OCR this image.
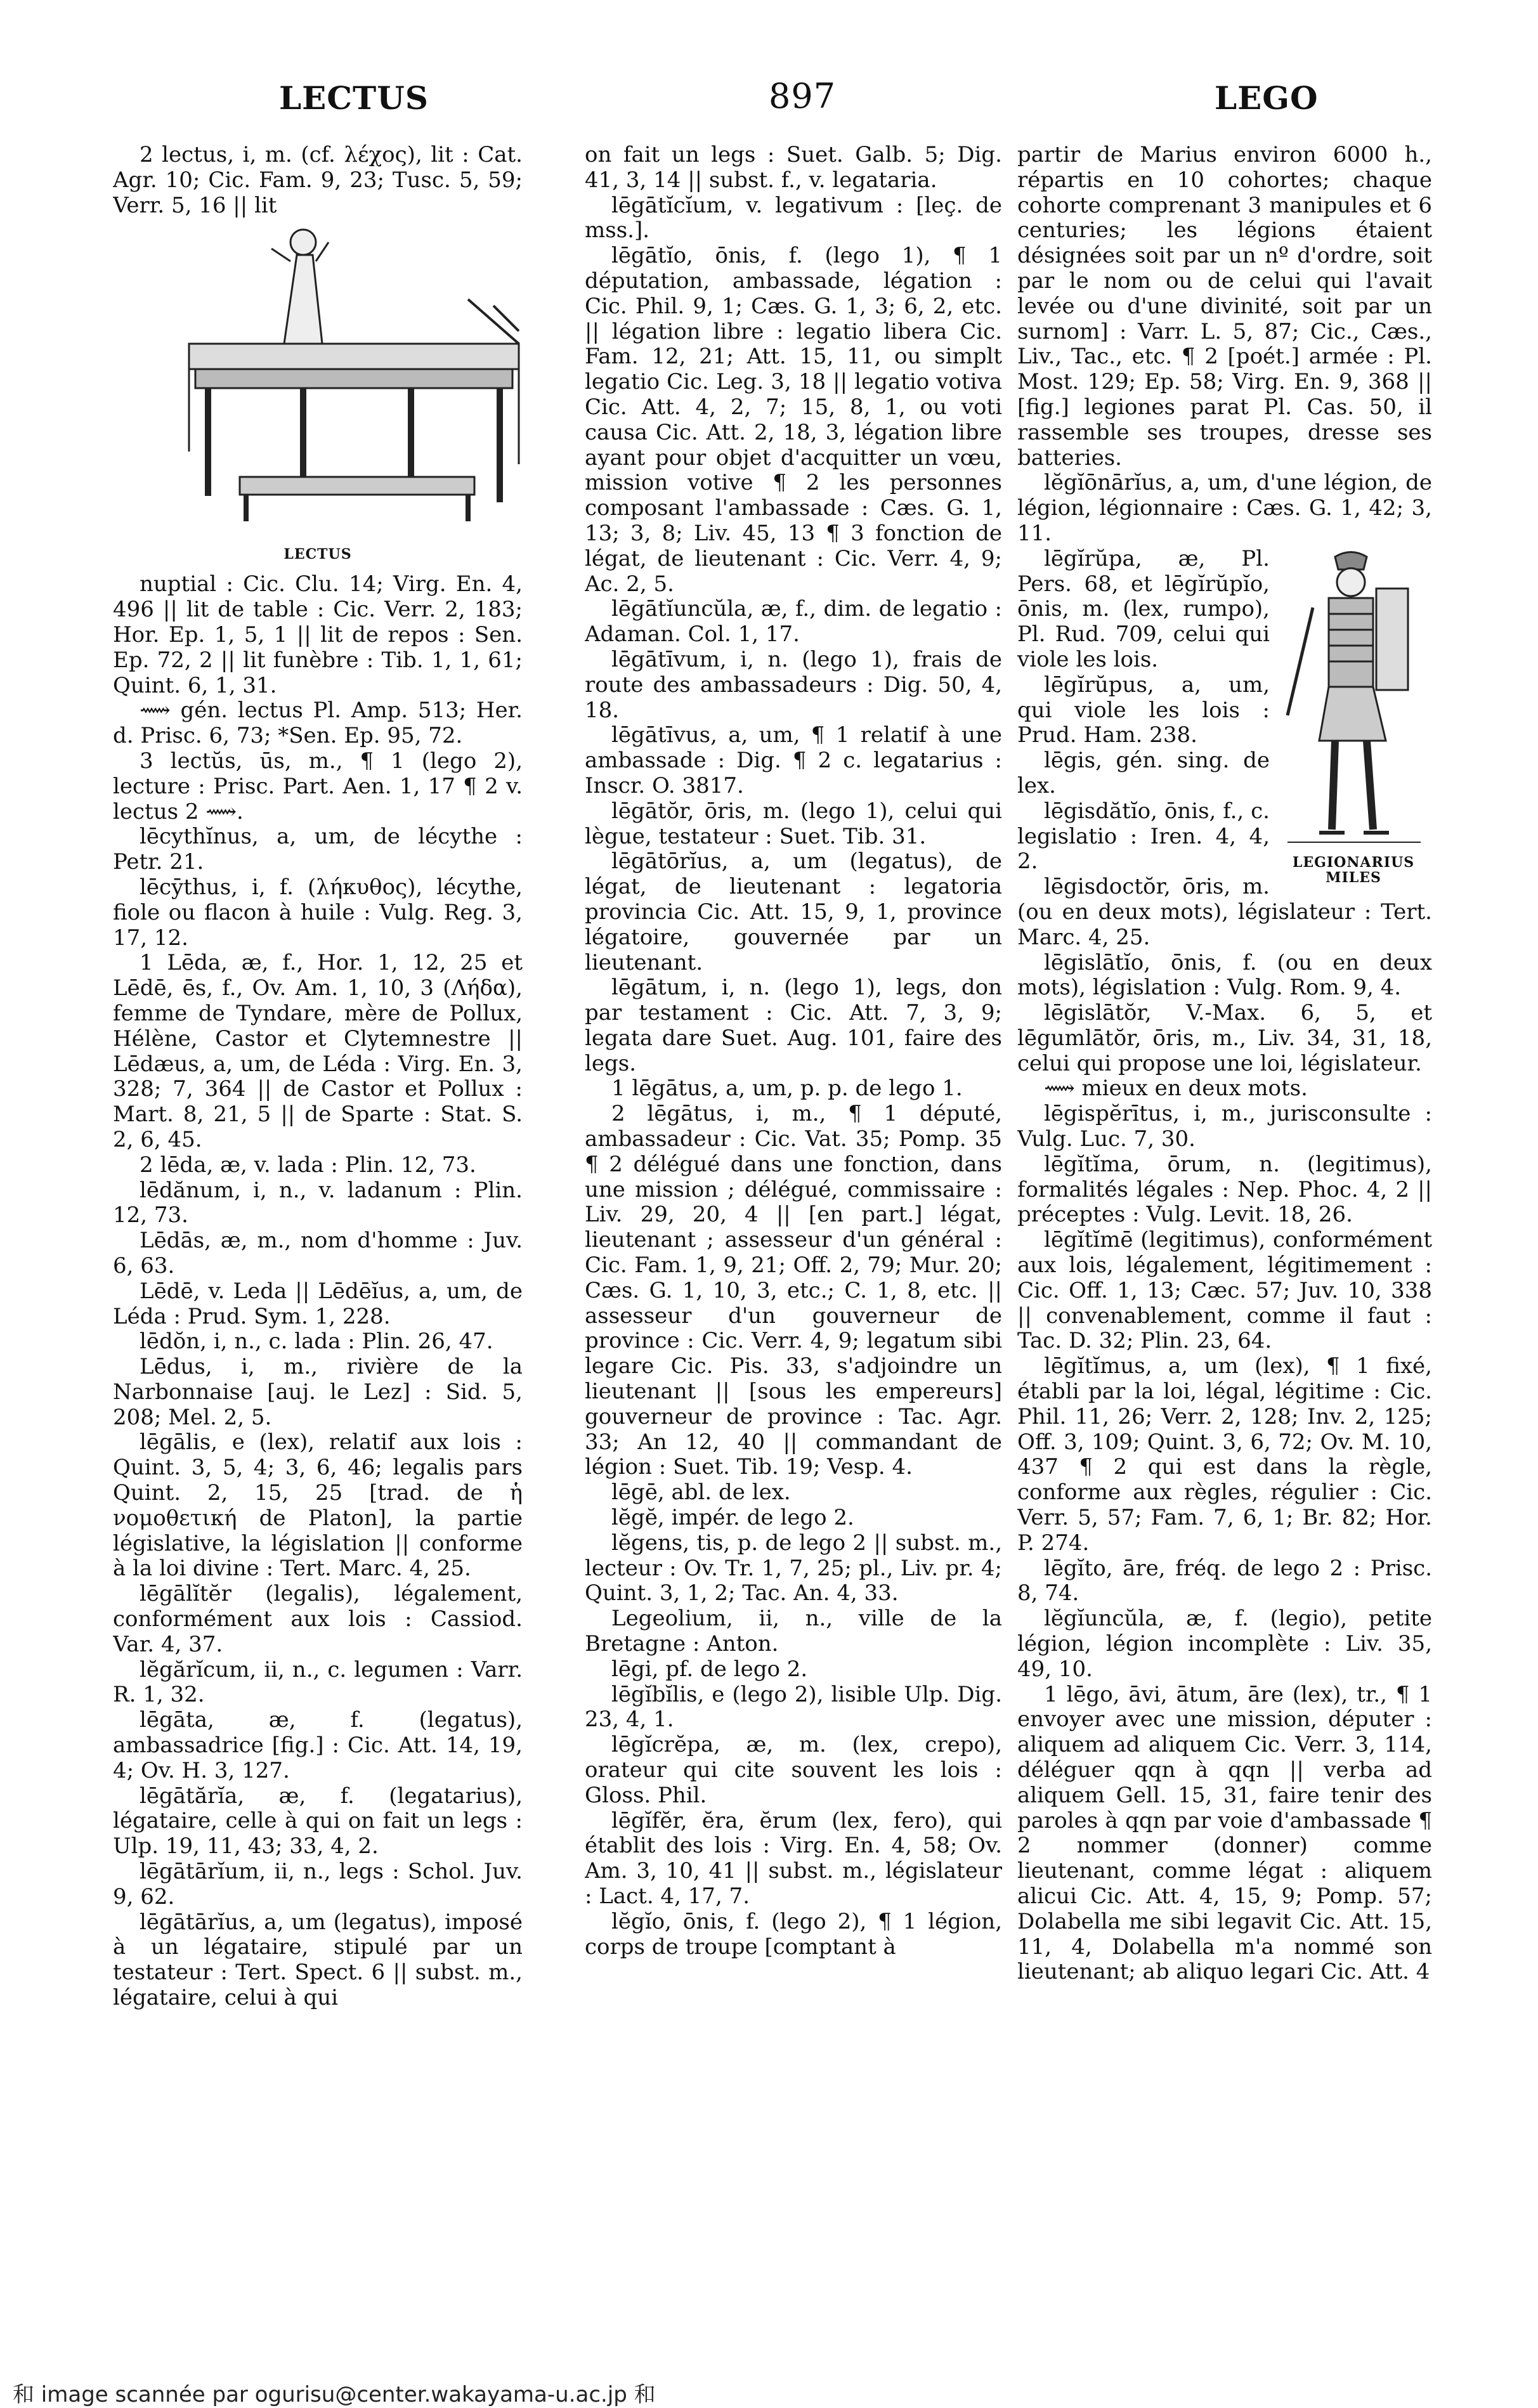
LECTUS	897	LEGO

2 lectus, i, m. (cf. λέχος), lit : Cat. Agr. 10; Cic. Fam. 9, 23; Tusc. 5, 59; Verr. 5, 16 || lit

LECTUS

nuptial : Cic. Clu. 14; Virg. En. 4, 496 || lit de table : Cic. Verr. 2, 183; Hor. Ep. 1, 5, 1 || lit de repos : Sen. Ep. 72, 2 || lit funèbre : Tib. 1, 1, 61; Quint. 6, 1, 31.

⟿ gén. lectus Pl. Amp. 513; Her. d. Prisc. 6, 73; *Sen. Ep. 95, 72.

3 lectŭs, ūs, m., ¶ 1 (lego 2), lecture : Prisc. Part. Aen. 1, 17 ¶ 2 v. lectus 2 ⟿.

lēcythĭnus, a, um, de lécythe : Petr. 21.

lēcȳthus, i, f. (λήκυθος), lécythe, fiole ou flacon à huile : Vulg. Reg. 3, 17, 12.

1 Lēda, æ, f., Hor. 1, 12, 25 et Lēdē, ēs, f., Ov. Am. 1, 10, 3 (Λήδα), femme de Tyndare, mère de Pollux, Hélène, Castor et Clytemnestre || Lēdæus, a, um, de Léda : Virg. En. 3, 328; 7, 364 || de Castor et Pollux : Mart. 8, 21, 5 || de Sparte : Stat. S. 2, 6, 45.

2 lēda, æ, v. lada : Plin. 12, 73.

lēdănum, i, n., v. ladanum : Plin. 12, 73.

Lēdās, æ, m., nom d'homme : Juv. 6, 63.

Lēdē, v. Leda || Lēdēĭus, a, um, de Léda : Prud. Sym. 1, 228.

lēdŏn, i, n., c. lada : Plin. 26, 47.

Lēdus, i, m., rivière de la Narbonnaise [auj. le Lez] : Sid. 5, 208; Mel. 2, 5.

lēgālis, e (lex), relatif aux lois : Quint. 3, 5, 4; 3, 6, 46; legalis pars Quint. 2, 15, 25 [trad. de ἡ νομοθετική de Platon], la partie législative, la législation || conforme à la loi divine : Tert. Marc. 4, 25.

lēgālĭtĕr (legalis), légalement, conformément aux lois : Cassiod. Var. 4, 37.

lĕgărĭcum, ii, n., c. legumen : Varr. R. 1, 32.

lēgāta, æ, f. (legatus), ambassadrice [fig.] : Cic. Att. 14, 19, 4; Ov. H. 3, 127.

lēgātărĭa, æ, f. (legatarius), légataire, celle à qui on fait un legs : Ulp. 19, 11, 43; 33, 4, 2.

lēgātārĭum, ii, n., legs : Schol. Juv. 9, 62.

lēgātārĭus, a, um (legatus), imposé à un légataire, stipulé par un testateur : Tert. Spect. 6 || subst. m., légataire, celui à qui

on fait un legs : Suet. Galb. 5; Dig. 41, 3, 14 || subst. f., v. legataria.

lēgātĭcĭum, v. legativum : [leç. de mss.].

lēgātĭo, ōnis, f. (lego 1), ¶ 1 députation, ambassade, légation : Cic. Phil. 9, 1; Cæs. G. 1, 3; 6, 2, etc. || légation libre : legatio libera Cic. Fam. 12, 21; Att. 15, 11, ou simplt legatio Cic. Leg. 3, 18 || legatio votiva Cic. Att. 4, 2, 7; 15, 8, 1, ou voti causa Cic. Att. 2, 18, 3, légation libre ayant pour objet d'acquitter un vœu, mission votive ¶ 2 les personnes composant l'ambassade : Cæs. G. 1, 13; 3, 8; Liv. 45, 13 ¶ 3 fonction de légat, de lieutenant : Cic. Verr. 4, 9; Ac. 2, 5.

lēgātĭuncŭla, æ, f., dim. de legatio : Adaman. Col. 1, 17.

lēgātīvum, i, n. (lego 1), frais de route des ambassadeurs : Dig. 50, 4, 18.

lēgātīvus, a, um, ¶ 1 relatif à une ambassade : Dig. ¶ 2 c. legatarius : Inscr. O. 3817.

lēgātŏr, ōris, m. (lego 1), celui qui lègue, testateur : Suet. Tib. 31.

lēgātōrĭus, a, um (legatus), de légat, de lieutenant : legatoria provincia Cic. Att. 15, 9, 1, province légatoire, gouvernée par un lieutenant.

lēgātum, i, n. (lego 1), legs, don par testament : Cic. Att. 7, 3, 9; legata dare Suet. Aug. 101, faire des legs.

1 lēgātus, a, um, p. p. de lego 1.

2 lēgātus, i, m., ¶ 1 député, ambassadeur : Cic. Vat. 35; Pomp. 35 ¶ 2 délégué dans une fonction, dans une mission ; délégué, commissaire : Liv. 29, 20, 4 || [en part.] légat, lieutenant ; assesseur d'un général : Cic. Fam. 1, 9, 21; Off. 2, 79; Mur. 20; Cæs. G. 1, 10, 3, etc.; C. 1, 8, etc. || assesseur d'un gouverneur de province : Cic. Verr. 4, 9; legatum sibi legare Cic. Pis. 33, s'adjoindre un lieutenant || [sous les empereurs] gouverneur de province : Tac. Agr. 33; An 12, 40 || commandant de légion : Suet. Tib. 19; Vesp. 4.

lēgē, abl. de lex.

lĕgĕ, impér. de lego 2.

lĕgens, tis, p. de lego 2 || subst. m., lecteur : Ov. Tr. 1, 7, 25; pl., Liv. pr. 4; Quint. 3, 1, 2; Tac. An. 4, 33.

Legeolium, ii, n., ville de la Bretagne : Anton.

lēgi, pf. de lego 2.

lēgĭbĭlis, e (lego 2), lisible Ulp. Dig. 23, 4, 1.

lēgĭcrĕpa, æ, m. (lex, crepo), orateur qui cite souvent les lois : Gloss. Phil.

lēgĭfĕr, ĕra, ĕrum (lex, fero), qui établit des lois : Virg. En. 4, 58; Ov. Am. 3, 10, 41 || subst. m., législateur : Lact. 4, 17, 7.

lĕgĭo, ōnis, f. (lego 2), ¶ 1 légion, corps de troupe [comptant à

partir de Marius environ 6000 h., répartis en 10 cohortes; chaque cohorte comprenant 3 manipules et 6 centuries; les légions étaient désignées soit par un nº d'ordre, soit par le nom ou de celui qui l'avait levée ou d'une divinité, soit par un surnom] : Varr. L. 5, 87; Cic., Cæs., Liv., Tac., etc. ¶ 2 [poét.] armée : Pl. Most. 129; Ep. 58; Virg. En. 9, 368 || [fig.] legiones parat Pl. Cas. 50, il rassemble ses troupes, dresse ses batteries.

lĕgĭōnārĭus, a, um, d'une légion, de légion, légionnaire : Cæs. G. 1, 42; 3, 11.

LEGIONARIUS
MILES

lēgĭrŭpa, æ, Pl. Pers. 68, et lēgĭrŭpĭo, ōnis, m. (lex, rumpo), Pl. Rud. 709, celui qui viole les lois.

lēgĭrŭpus, a, um, qui viole les lois : Prud. Ham. 238.

lēgis, gén. sing. de lex.

lēgisdătĭo, ōnis, f., c. legislatio : Iren. 4, 4, 2.

lēgisdoctŏr, ōris, m. (ou en deux mots), législateur : Tert. Marc. 4, 25.

lēgislātĭo, ōnis, f. (ou en deux mots), législation : Vulg. Rom. 9, 4.

lēgislātŏr, V.-Max. 6, 5, et lēgumlātŏr, ōris, m., Liv. 34, 31, 18, celui qui propose une loi, législateur.

⟿ mieux en deux mots.

lēgispĕrītus, i, m., jurisconsulte : Vulg. Luc. 7, 30.

lēgĭtĭma, ōrum, n. (legitimus), formalités légales : Nep. Phoc. 4, 2 || préceptes : Vulg. Levit. 18, 26.

lēgĭtĭmē (legitimus), conformément aux lois, légalement, légitimement : Cic. Off. 1, 13; Cæc. 57; Juv. 10, 338 || convenablement, comme il faut : Tac. D. 32; Plin. 23, 64.

lēgĭtĭmus, a, um (lex), ¶ 1 fixé, établi par la loi, légal, légitime : Cic. Phil. 11, 26; Verr. 2, 128; Inv. 2, 125; Off. 3, 109; Quint. 3, 6, 72; Ov. M. 10, 437 ¶ 2 qui est dans la règle, conforme aux règles, régulier : Cic. Verr. 5, 57; Fam. 7, 6, 1; Br. 82; Hor. P. 274.

lēgĭto, āre, fréq. de lego 2 : Prisc. 8, 74.

lĕgĭuncŭla, æ, f. (legio), petite légion, légion incomplète : Liv. 35, 49, 10.

1 lēgo, āvi, ātum, āre (lex), tr., ¶ 1 envoyer avec une mission, députer : aliquem ad aliquem Cic. Verr. 3, 114, déléguer qqn à qqn || verba ad aliquem Gell. 15, 31, faire tenir des paroles à qqn par voie d'ambassade ¶ 2 nommer (donner) comme lieutenant, comme légat : aliquem alicui Cic. Att. 4, 15, 9; Pomp. 57; Dolabella me sibi legavit Cic. Att. 15, 11, 4, Dolabella m'a nommé son lieutenant; ab aliquo legari Cic. Att. 4

和 image scannée par ogurisu@center.wakayama-u.ac.jp 和
